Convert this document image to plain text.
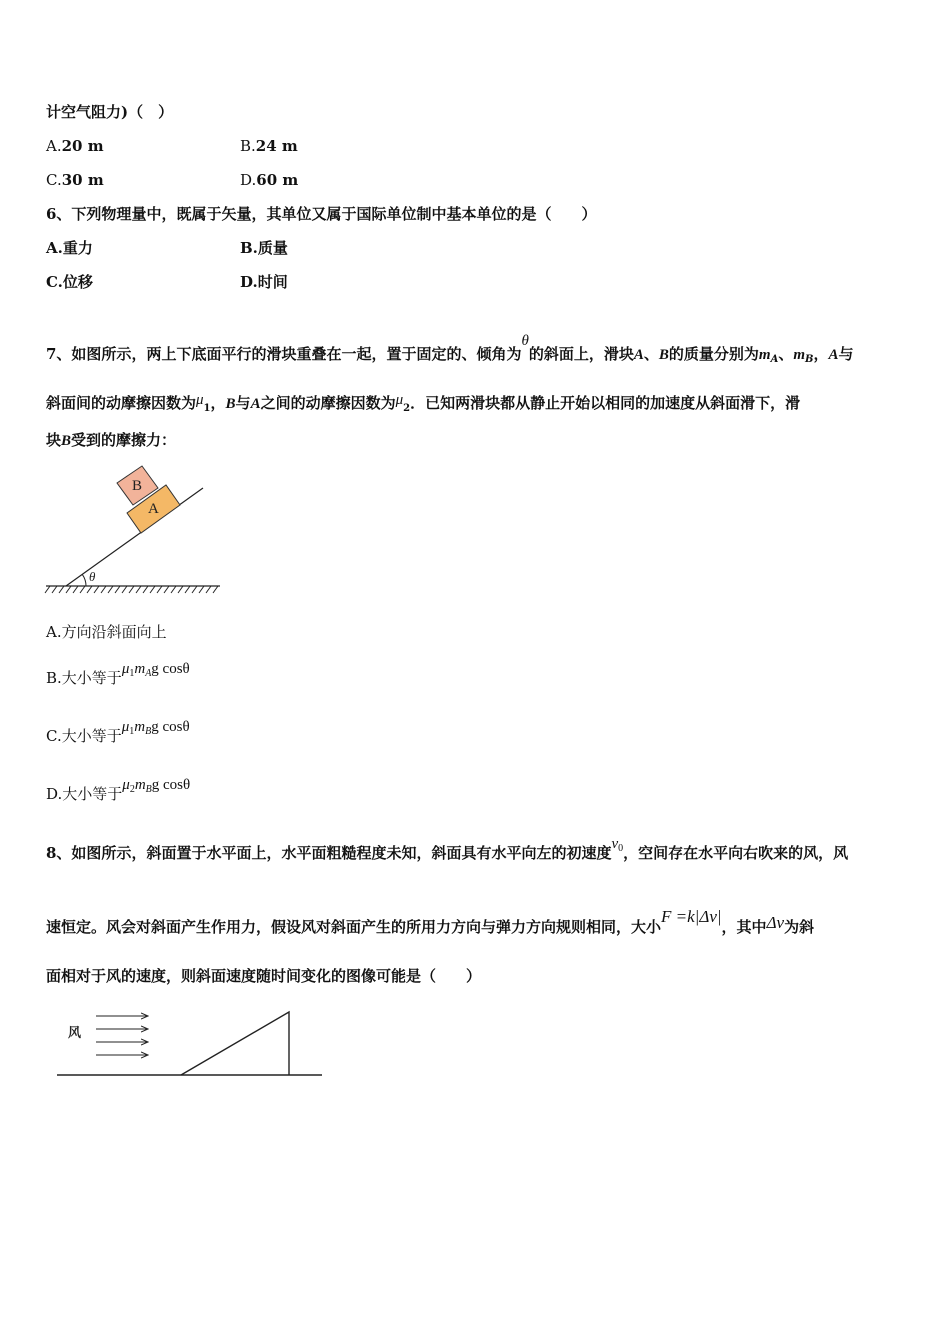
计空气阻力)（　）
A.20 m	B.24 m
C.30 m	D.60 m
6、下列物理量中，既属于矢量，其单位又属于国际单位制中基本单位的是（　　）
A.重力	B.质量
C.位移	D.时间
7、如图所示，两上下底面平行的滑块重叠在一起，置于固定的、倾角为θ的斜面上，滑块A、B的质量分别为$m_A$、$m_B$，A与
斜面间的动摩擦因数为$\mu_1$，B与A之间的动摩擦因数为$\mu_2$．已知两滑块都从静止开始以相同的加速度从斜面滑下，滑
块B受到的摩擦力：
θ
A
B
A.方向沿斜面向上
B.大小等于$\mu_1m_Ag$ cosθ
C.大小等于$\mu_1m_Bg$ cosθ
D.大小等于$\mu_2m_Bg$ cosθ
8、如图所示，斜面置于水平面上，水平面粗糙程度未知，斜面具有水平向左的初速度$v_0$，空间存在水平向右吹来的风，风
速恒定。风会对斜面产生作用力，假设风对斜面产生的所用力方向与弹力方向规则相同，大小F =k|Δv|，其中Δv为斜
面相对于风的速度，则斜面速度随时间变化的图像可能是（　　）
风
